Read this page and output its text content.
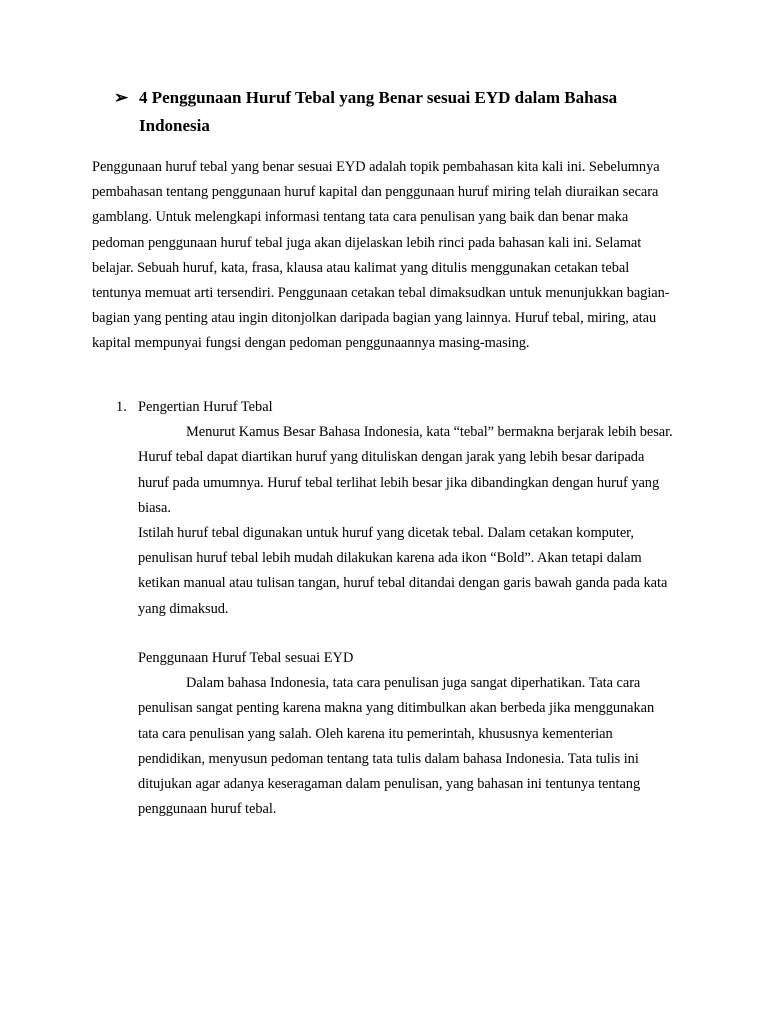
➢ 4 Penggunaan Huruf Tebal yang Benar sesuai EYD dalam Bahasa Indonesia

Penggunaan huruf tebal yang benar sesuai EYD adalah topik pembahasan kita kali ini. Sebelumnya pembahasan tentang penggunaan huruf kapital dan penggunaan huruf miring telah diuraikan secara gamblang. Untuk melengkapi informasi tentang tata cara penulisan yang baik dan benar maka pedoman penggunaan huruf tebal juga akan dijelaskan lebih rinci pada bahasan kali ini. Selamat belajar. Sebuah huruf, kata, frasa, klausa atau kalimat yang ditulis menggunakan cetakan tebal tentunya memuat arti tersendiri. Penggunaan cetakan tebal dimaksudkan untuk menunjukkan bagian-bagian yang penting atau ingin ditonjolkan daripada bagian yang lainnya. Huruf tebal, miring, atau kapital mempunyai fungsi dengan pedoman penggunaannya masing-masing.

1. Pengertian Huruf Tebal

Menurut Kamus Besar Bahasa Indonesia, kata “tebal” bermakna berjarak lebih besar. Huruf tebal dapat diartikan huruf yang dituliskan dengan jarak yang lebih besar daripada huruf pada umumnya. Huruf tebal terlihat lebih besar jika dibandingkan dengan huruf yang biasa.

Istilah huruf tebal digunakan untuk huruf yang dicetak tebal. Dalam cetakan komputer, penulisan huruf tebal lebih mudah dilakukan karena ada ikon “Bold”. Akan tetapi dalam ketikan manual atau tulisan tangan, huruf tebal ditandai dengan garis bawah ganda pada kata yang dimaksud.

Penggunaan Huruf Tebal sesuai EYD

Dalam bahasa Indonesia, tata cara penulisan juga sangat diperhatikan. Tata cara penulisan sangat penting karena makna yang ditimbulkan akan berbeda jika menggunakan tata cara penulisan yang salah. Oleh karena itu pemerintah, khususnya kementerian pendidikan, menyusun pedoman tentang tata tulis dalam bahasa Indonesia. Tata tulis ini ditujukan agar adanya keseragaman dalam penulisan, yang bahasan ini tentunya tentang penggunaan huruf tebal.
